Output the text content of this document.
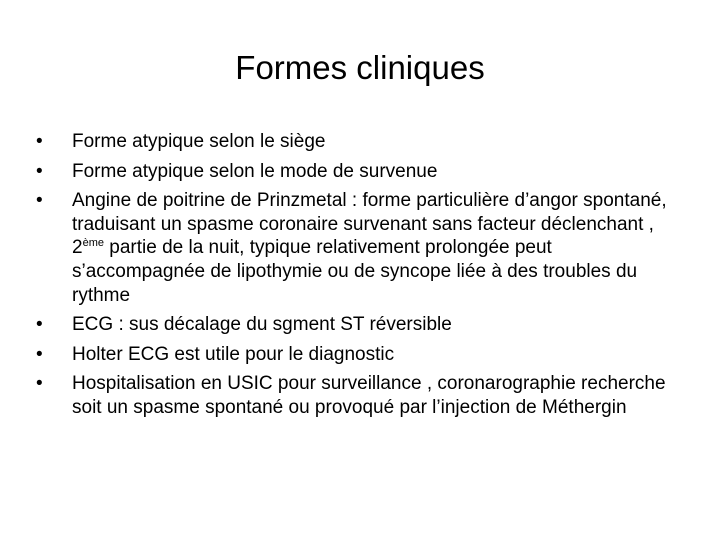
Formes cliniques
•	Forme atypique selon le siège
•	Forme atypique selon le mode de survenue
•	Angine de poitrine de Prinzmetal : forme particulière d’angor spontané, traduisant un spasme coronaire survenant sans facteur déclenchant , 2ème partie de la nuit, typique relativement prolongée peut s’accompagnée de lipothymie ou de syncope liée à des troubles du rythme
•	ECG : sus décalage du sgment ST réversible
•	Holter ECG est utile pour le diagnostic
•	Hospitalisation en USIC pour surveillance , coronarographie recherche soit un spasme spontané ou provoqué par l’injection de Méthergin
